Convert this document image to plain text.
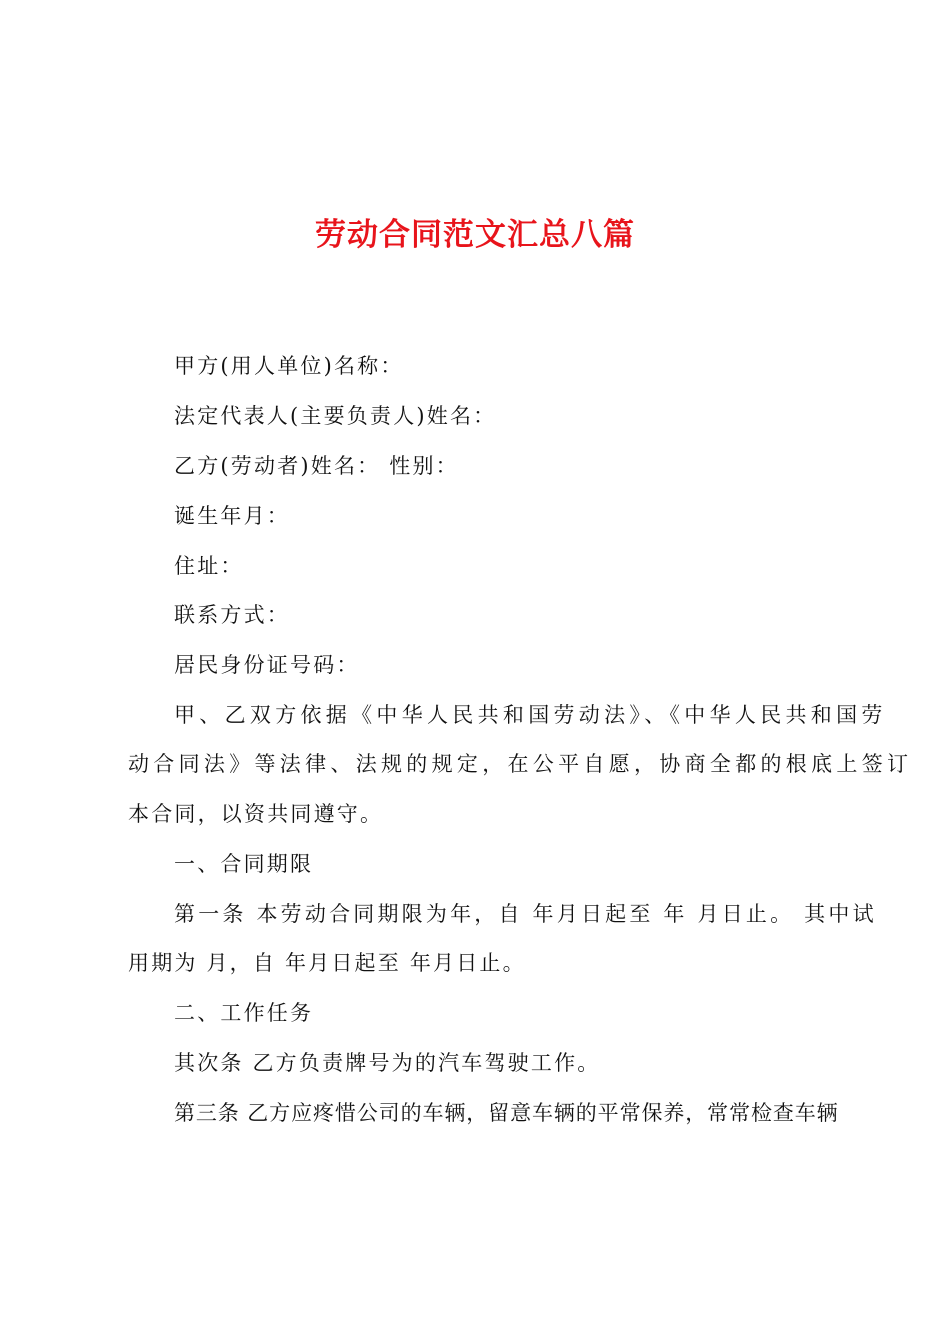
劳动合同范文汇总八篇

甲方(用人单位)名称：

法定代表人(主要负责人)姓名：

乙方(劳动者)姓名： 性别：

诞生年月：

住址：

联系方式：

居民身份证号码：

甲、乙双方依据《中华人民共和国劳动法》、《中华人民共和国劳

动合同法》等法律、法规的规定，在公平自愿，协商全都的根底上签订

本合同，以资共同遵守。

一、合同期限

第一条 本劳动合同期限为年，自 年月日起至 年 月日止。 其中试

用期为 月，自 年月日起至 年月日止。

二、工作任务

其次条 乙方负责牌号为的汽车驾驶工作。

第三条 乙方应疼惜公司的车辆，留意车辆的平常保养，常常检查车辆
